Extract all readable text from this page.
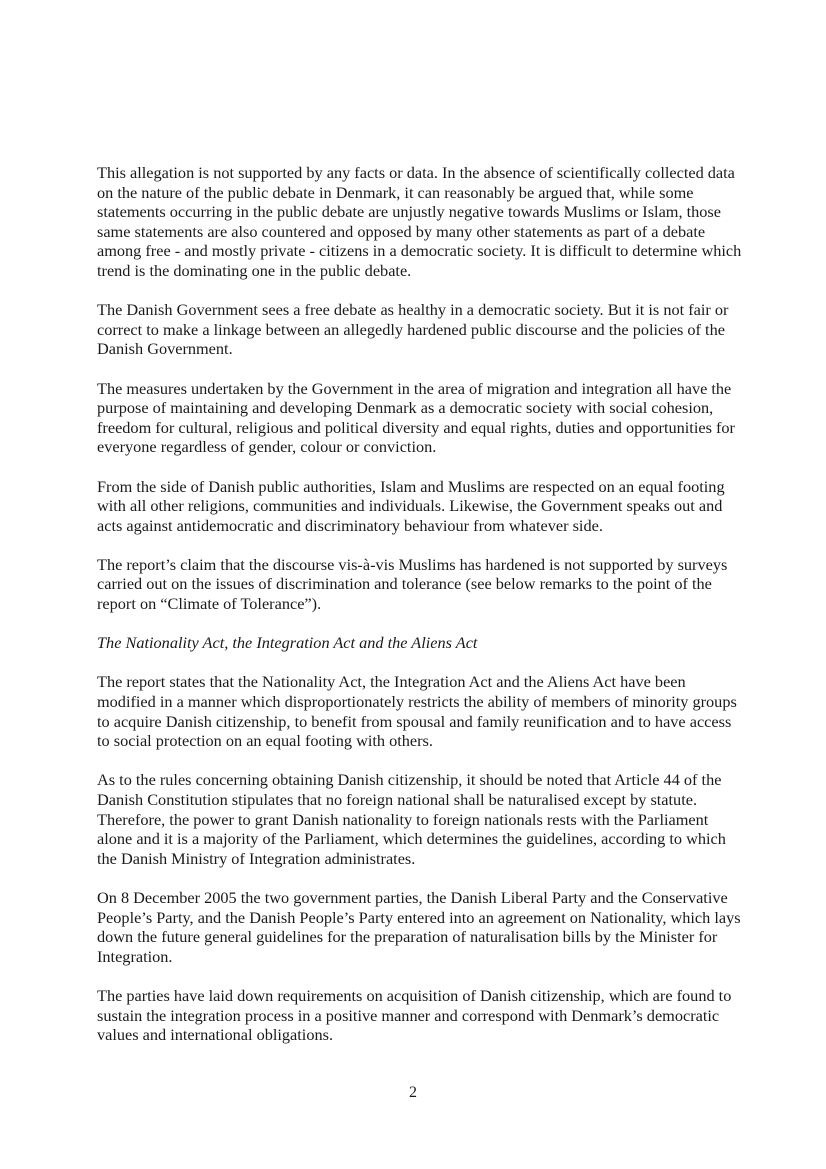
This allegation is not supported by any facts or data. In the absence of scientifically collected data on the nature of the public debate in Denmark, it can reasonably be argued that, while some statements occurring in the public debate are unjustly negative towards Muslims or Islam, those same statements are also countered and opposed by many other statements as part of a debate among free - and mostly private - citizens in a democratic society. It is difficult to determine which trend is the dominating one in the public debate.

The Danish Government sees a free debate as healthy in a democratic society. But it is not fair or correct to make a linkage between an allegedly hardened public discourse and the policies of the Danish Government.

The measures undertaken by the Government in the area of migration and integration all have the purpose of maintaining and developing Denmark as a democratic society with social cohesion, freedom for cultural, religious and political diversity and equal rights, duties and opportunities for everyone regardless of gender, colour or conviction.

From the side of Danish public authorities, Islam and Muslims are respected on an equal footing with all other religions, communities and individuals. Likewise, the Government speaks out and acts against antidemocratic and discriminatory behaviour from whatever side.

The report’s claim that the discourse vis-à-vis Muslims has hardened is not supported by surveys carried out on the issues of discrimination and tolerance (see below remarks to the point of the report on “Climate of Tolerance”).

The Nationality Act, the Integration Act and the Aliens Act

The report states that the Nationality Act, the Integration Act and the Aliens Act have been modified in a manner which disproportionately restricts the ability of members of minority groups to acquire Danish citizenship, to benefit from spousal and family reunification and to have access to social protection on an equal footing with others.

As to the rules concerning obtaining Danish citizenship, it should be noted that Article 44 of the Danish Constitution stipulates that no foreign national shall be naturalised except by statute. Therefore, the power to grant Danish nationality to foreign nationals rests with the Parliament alone and it is a majority of the Parliament, which determines the guidelines, according to which the Danish Ministry of Integration administrates.

On 8 December 2005 the two government parties, the Danish Liberal Party and the Conservative People’s Party, and the Danish People’s Party entered into an agreement on Nationality, which lays down the future general guidelines for the preparation of naturalisation bills by the Minister for Integration.

The parties have laid down requirements on acquisition of Danish citizenship, which are found to sustain the integration process in a positive manner and correspond with Denmark’s democratic values and international obligations.

2
